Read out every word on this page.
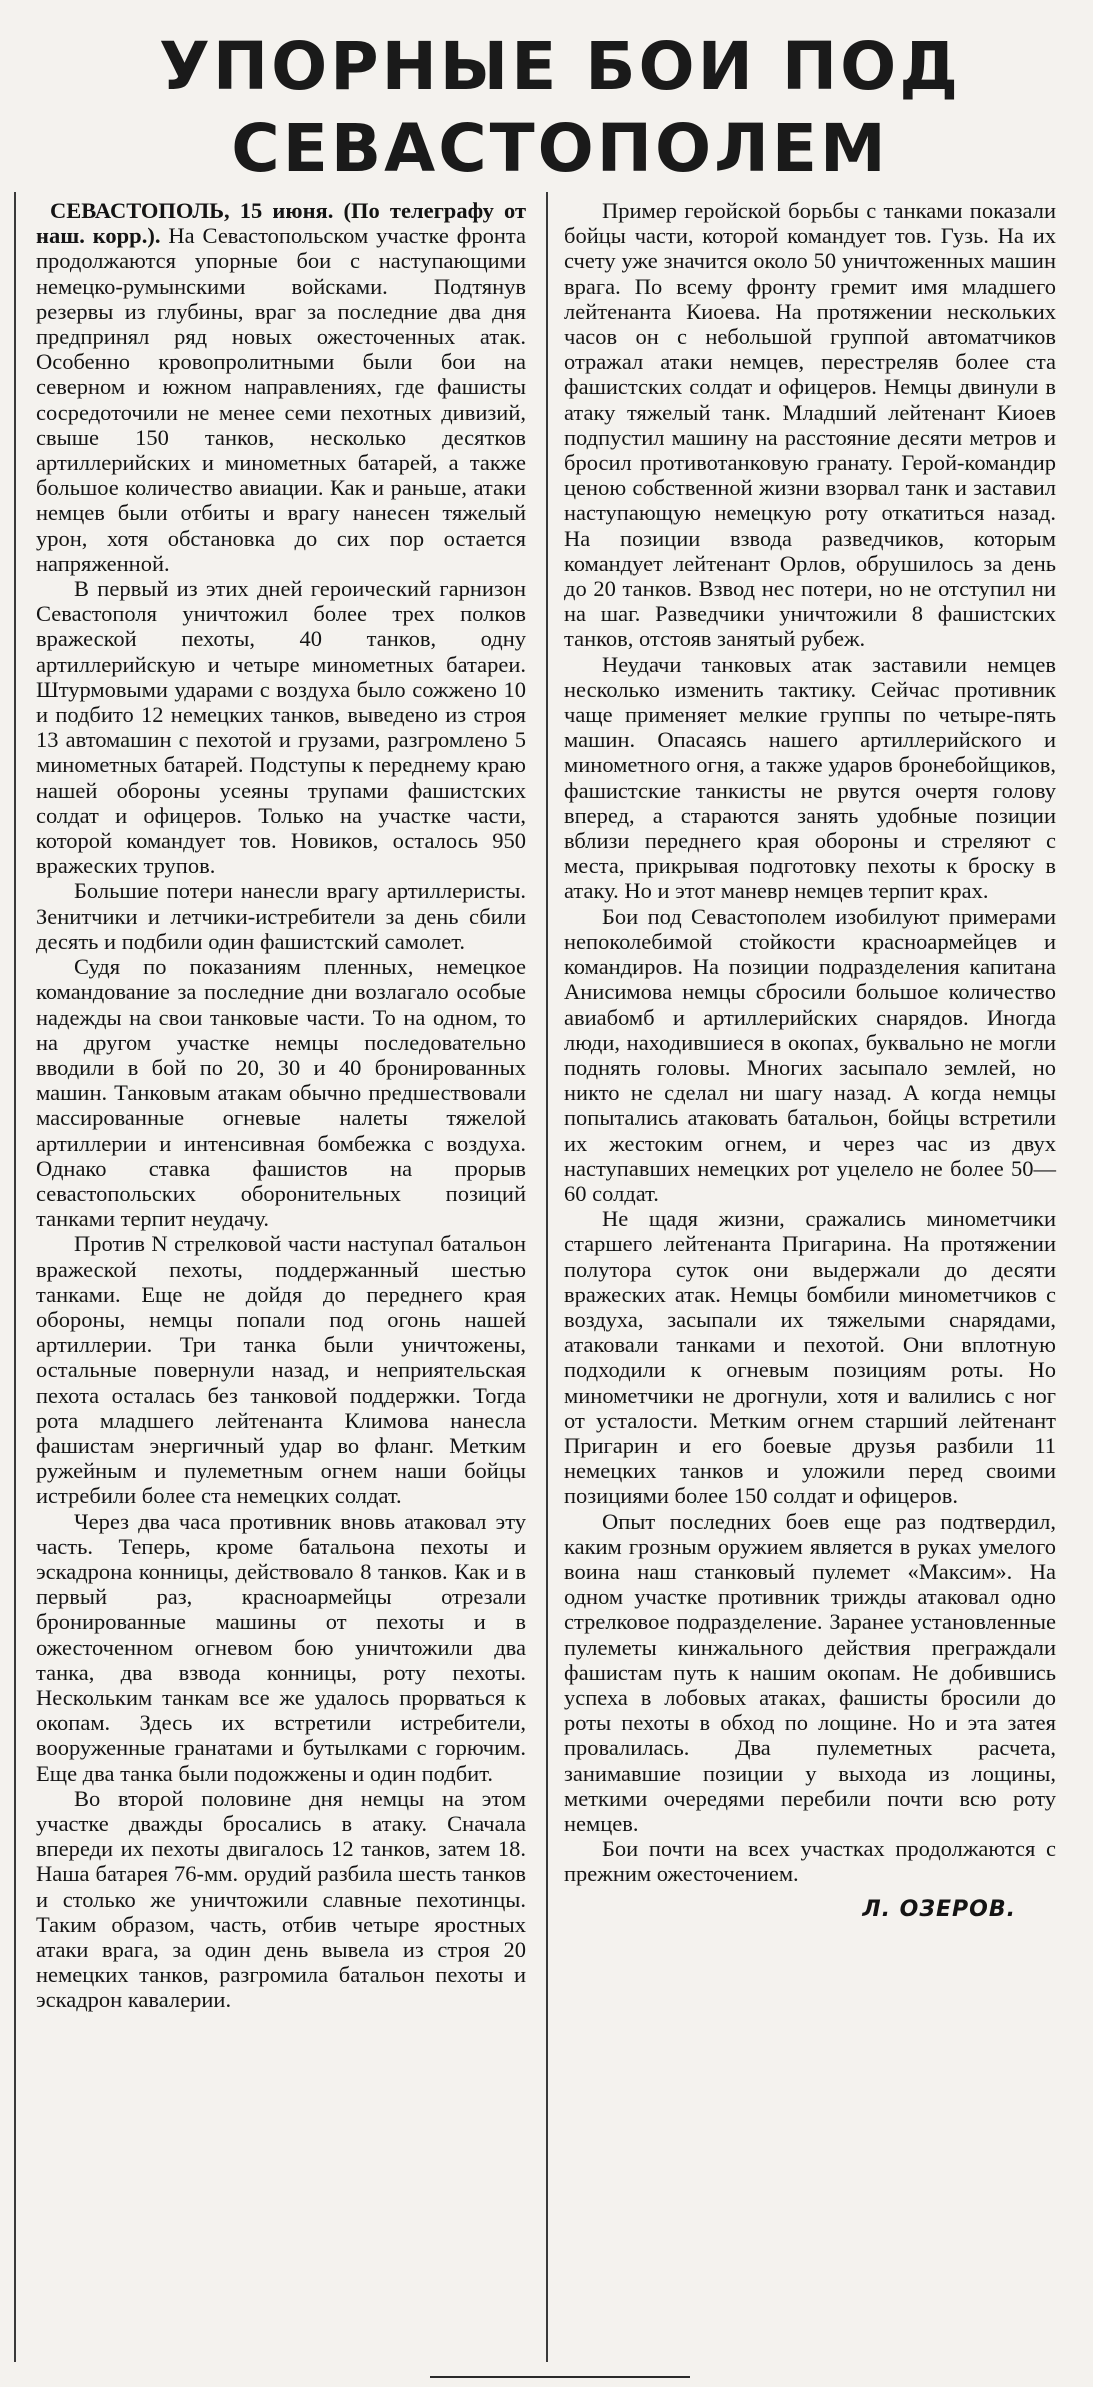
УПОРНЫЕ БОИ ПОД
СЕВАСТОПОЛЕМ

СЕВАСТОПОЛЬ, 15 июня. (По телеграфу от наш. корр.). На Севастопольском участке фронта продолжаются упорные бои с наступающими немецко-румынскими войсками. Подтянув резервы из глубины, враг за последние два дня предпринял ряд новых ожесточенных атак. Особенно кровопролитными были бои на северном и южном направлениях, где фашисты сосредоточили не менее семи пехотных дивизий, свыше 150 танков, несколько десятков артиллерийских и минометных батарей, а также большое количество авиации. Как и раньше, атаки немцев были отбиты и врагу нанесен тяжелый урон, хотя обстановка до сих пор остается напряженной.

В первый из этих дней героический гарнизон Севастополя уничтожил более трех полков вражеской пехоты, 40 танков, одну артиллерийскую и четыре минометных батареи. Штурмовыми ударами с воздуха было сожжено 10 и подбито 12 немецких танков, выведено из строя 13 автомашин с пехотой и грузами, разгромлено 5 минометных батарей. Подступы к переднему краю нашей обороны усеяны трупами фашистских солдат и офицеров. Только на участке части, которой командует тов. Новиков, осталось 950 вражеских трупов.

Большие потери нанесли врагу артиллеристы. Зенитчики и летчики-истребители за день сбили десять и подбили один фашистский самолет.

Судя по показаниям пленных, немецкое командование за последние дни возлагало особые надежды на свои танковые части. То на одном, то на другом участке немцы последовательно вводили в бой по 20, 30 и 40 бронированных машин. Танковым атакам обычно предшествовали массированные огневые налеты тяжелой артиллерии и интенсивная бомбежка с воздуха. Однако ставка фашистов на прорыв севастопольских оборонительных позиций танками терпит неудачу.

Против N стрелковой части наступал батальон вражеской пехоты, поддержанный шестью танками. Еще не дойдя до переднего края обороны, немцы попали под огонь нашей артиллерии. Три танка были уничтожены, остальные повернули назад, и неприятельская пехота осталась без танковой поддержки. Тогда рота младшего лейтенанта Климова нанесла фашистам энергичный удар во фланг. Метким ружейным и пулеметным огнем наши бойцы истребили более ста немецких солдат.

Через два часа противник вновь атаковал эту часть. Теперь, кроме батальона пехоты и эскадрона конницы, действовало 8 танков. Как и в первый раз, красноармейцы отрезали бронированные машины от пехоты и в ожесточенном огневом бою уничтожили два танка, два взвода конницы, роту пехоты. Нескольким танкам все же удалось прорваться к окопам. Здесь их встретили истребители, вооруженные гранатами и бутылками с горючим. Еще два танка были подожжены и один подбит.

Во второй половине дня немцы на этом участке дважды бросались в атаку. Сначала впереди их пехоты двигалось 12 танков, затем 18. Наша батарея 76-мм. орудий разбила шесть танков и столько же уничтожили славные пехотинцы. Таким образом, часть, отбив четыре яростных атаки врага, за один день вывела из строя 20 немецких танков, разгромила батальон пехоты и эскадрон кавалерии.

Пример геройской борьбы с танками показали бойцы части, которой командует тов. Гузь. На их счету уже значится около 50 уничтоженных машин врага. По всему фронту гремит имя младшего лейтенанта Киоева. На протяжении нескольких часов он с небольшой группой автоматчиков отражал атаки немцев, перестреляв более ста фашистских солдат и офицеров. Немцы двинули в атаку тяжелый танк. Младший лейтенант Киоев подпустил машину на расстояние десяти метров и бросил противотанковую гранату. Герой-командир ценою собственной жизни взорвал танк и заставил наступающую немецкую роту откатиться назад. На позиции взвода разведчиков, которым командует лейтенант Орлов, обрушилось за день до 20 танков. Взвод нес потери, но не отступил ни на шаг. Разведчики уничтожили 8 фашистских танков, отстояв занятый рубеж.

Неудачи танковых атак заставили немцев несколько изменить тактику. Сейчас противник чаще применяет мелкие группы по четыре-пять машин. Опасаясь нашего артиллерийского и минометного огня, а также ударов бронебойщиков, фашистские танкисты не рвутся очертя голову вперед, а стараются занять удобные позиции вблизи переднего края обороны и стреляют с места, прикрывая подготовку пехоты к броску в атаку. Но и этот маневр немцев терпит крах.

Бои под Севастополем изобилуют примерами непоколебимой стойкости красноармейцев и командиров. На позиции подразделения капитана Анисимова немцы сбросили большое количество авиабомб и артиллерийских снарядов. Иногда люди, находившиеся в окопах, буквально не могли поднять головы. Многих засыпало землей, но никто не сделал ни шагу назад. А когда немцы попытались атаковать батальон, бойцы встретили их жестоким огнем, и через час из двух наступавших немецких рот уцелело не более 50—60 солдат.

Не щадя жизни, сражались минометчики старшего лейтенанта Пригарина. На протяжении полутора суток они выдержали до десяти вражеских атак. Немцы бомбили минометчиков с воздуха, засыпали их тяжелыми снарядами, атаковали танками и пехотой. Они вплотную подходили к огневым позициям роты. Но минометчики не дрогнули, хотя и валились с ног от усталости. Метким огнем старший лейтенант Пригарин и его боевые друзья разбили 11 немецких танков и уложили перед своими позициями более 150 солдат и офицеров.

Опыт последних боев еще раз подтвердил, каким грозным оружием является в руках умелого воина наш станковый пулемет «Максим». На одном участке противник трижды атаковал одно стрелковое подразделение. Заранее установленные пулеметы кинжального действия преграждали фашистам путь к нашим окопам. Не добившись успеха в лобовых атаках, фашисты бросили до роты пехоты в обход по лощине. Но и эта затея провалилась. Два пулеметных расчета, занимавшие позиции у выхода из лощины, меткими очередями перебили почти всю роту немцев.

Бои почти на всех участках продолжаются с прежним ожесточением.

Л. ОЗЕРОВ.
